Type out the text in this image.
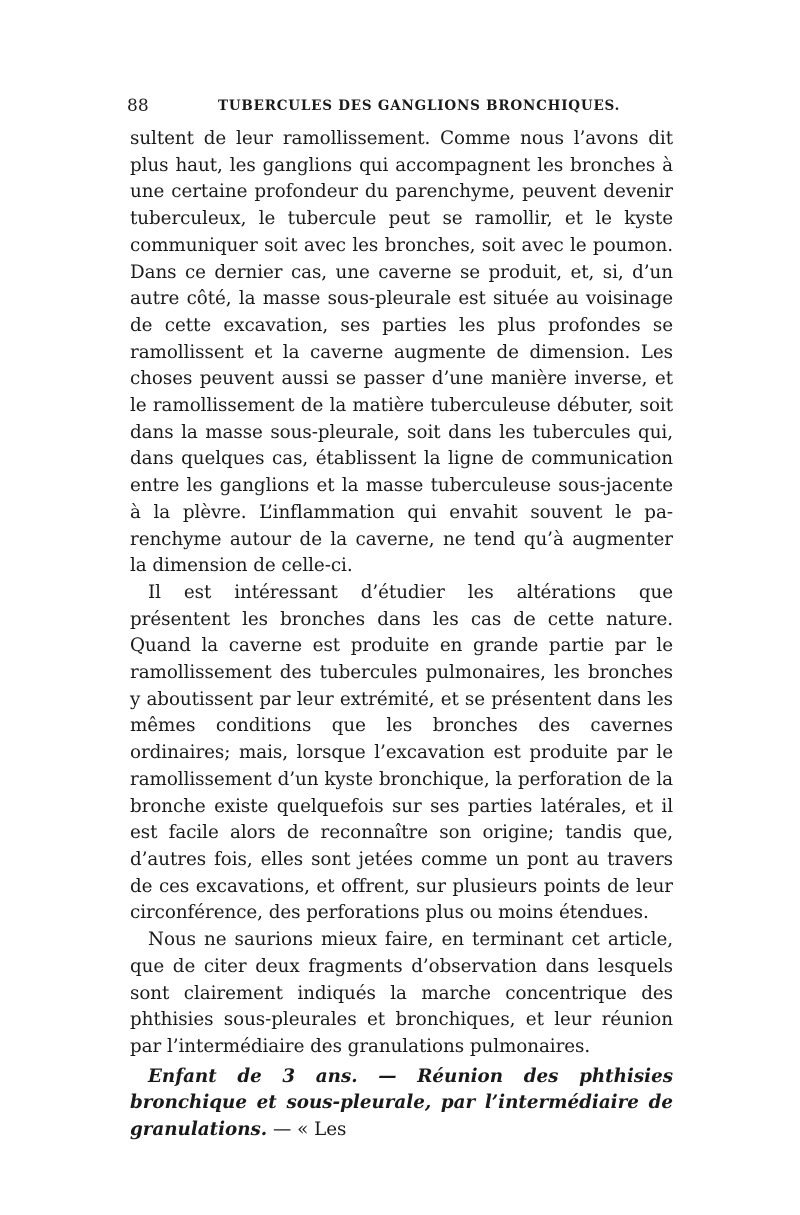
88	TUBERCULES DES GANGLIONS BRONCHIQUES.

sultent de leur ramollissement. Comme nous l’avons dit plus haut, les ganglions qui accompagnent les bronches à une certaine profondeur du parenchyme, peuvent devenir tuberculeux, le tubercule peut se ramollir, et le kyste communiquer soit avec les bronches, soit avec le poumon. Dans ce dernier cas, une caverne se produit, et, si, d’un autre côté, la masse sous-pleurale est située au voisinage de cette excavation, ses parties les plus profondes se ramollissent et la caverne augmente de dimension. Les choses peuvent aussi se passer d’une manière inverse, et le ramollissement de la matière tuberculeuse débuter, soit dans la masse sous-pleurale, soit dans les tubercules qui, dans quelques cas, établissent la ligne de communication entre les ganglions et la masse tuberculeuse sous-jacente à la plèvre. L’inflammation qui envahit souvent le parenchyme autour de la caverne, ne tend qu’à augmenter la dimension de celle-ci.

Il est intéressant d’étudier les altérations que présentent les bronches dans les cas de cette nature. Quand la caverne est produite en grande partie par le ramollissement des tubercules pulmonaires, les bronches y aboutissent par leur extrémité, et se présentent dans les mêmes conditions que les bronches des cavernes ordinaires; mais, lorsque l’excavation est produite par le ramollissement d’un kyste bronchique, la perforation de la bronche existe quelquefois sur ses parties latérales, et il est facile alors de reconnaître son origine; tandis que, d’autres fois, elles sont jetées comme un pont au travers de ces excavations, et offrent, sur plusieurs points de leur circonférence, des perforations plus ou moins étendues.

Nous ne saurions mieux faire, en terminant cet article, que de citer deux fragments d’observation dans lesquels sont clairement indiqués la marche concentrique des phthisies sous-pleurales et bronchiques, et leur réunion par l’intermédiaire des granulations pulmonaires.

Enfant de 3 ans. — Réunion des phthisies bronchique et sous-pleurale, par l’intermédiaire de granulations. — « Les
